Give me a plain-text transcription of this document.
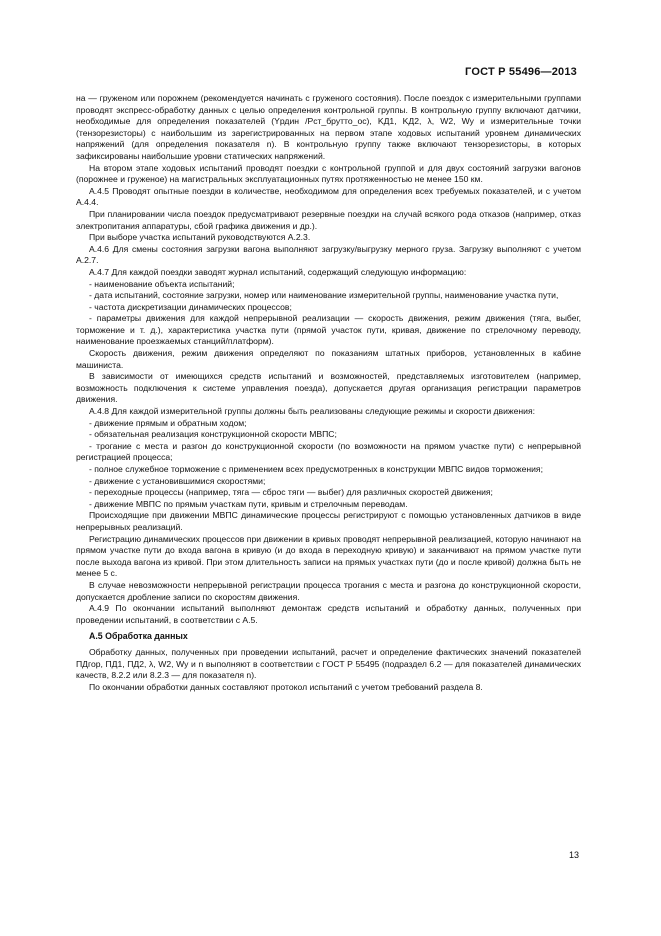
ГОСТ Р 55496—2013

на — груженом или порожнем (рекомендуется начинать с груженого состояния). После поездок с измерительными группами проводят экспресс-обработку данных с целью определения контрольной группы. В контрольную группу включают датчики, необходимые для определения показателей (Yрдин /Pст_брутто_ос), KД1, KД2, λ, W2, Wy и измерительные точки (тензорезисторы) с наибольшим из зарегистрированных на первом этапе ходовых испытаний уровнем динамических напряжений (для определения показателя n). В контрольную группу также включают тензорезисторы, в которых зафиксированы наибольшие уровни статических напряжений.

На втором этапе ходовых испытаний проводят поездки с контрольной группой и для двух состояний загрузки вагонов (порожнее и груженое) на магистральных эксплуатационных путях протяженностью не менее 150 км.

А.4.5 Проводят опытные поездки в количестве, необходимом для определения всех требуемых показателей, и с учетом А.4.4.

При планировании числа поездок предусматривают резервные поездки на случай всякого рода отказов (например, отказ электропитания аппаратуры, сбой графика движения и др.).

При выборе участка испытаний руководствуются А.2.3.

А.4.6 Для смены состояния загрузки вагона выполняют загрузку/выгрузку мерного груза. Загрузку выполняют с учетом А.2.7.

А.4.7 Для каждой поездки заводят журнал испытаний, содержащий следующую информацию:

- наименование объекта испытаний;

- дата испытаний, состояние загрузки, номер или наименование измерительной группы, наименование участка пути,

- частота дискретизации динамических процессов;

- параметры движения для каждой непрерывной реализации — скорость движения, режим движения (тяга, выбег, торможение и т. д.), характеристика участка пути (прямой участок пути, кривая, движение по стрелочному переводу, наименование проезжаемых станций/платформ).

Скорость движения, режим движения определяют по показаниям штатных приборов, установленных в кабине машиниста.

В зависимости от имеющихся средств испытаний и возможностей, представляемых изготовителем (например, возможность подключения к системе управления поезда), допускается другая организация регистрации параметров движения.

А.4.8 Для каждой измерительной группы должны быть реализованы следующие режимы и скорости движения:

- движение прямым и обратным ходом;

- обязательная реализация конструкционной скорости МВПС;

- трогание с места и разгон до конструкционной скорости (по возможности на прямом участке пути) с непрерывной регистрацией процесса;

- полное служебное торможение с применением всех предусмотренных в конструкции МВПС видов торможения;

- движение с установившимися скоростями;

- переходные процессы (например, тяга — сброс тяги — выбег) для различных скоростей движения;

- движение МВПС по прямым участкам пути, кривым и стрелочным переводам.

Происходящие при движении МВПС динамические процессы регистрируют с помощью установленных датчиков в виде непрерывных реализаций.

Регистрацию динамических процессов при движении в кривых проводят непрерывной реализацией, которую начинают на прямом участке пути до входа вагона в кривую (и до входа в переходную кривую) и заканчивают на прямом участке пути после выхода вагона из кривой. При этом длительность записи на прямых участках пути (до и после кривой) должна быть не менее 5 с.

В случае невозможности непрерывной регистрации процесса трогания с места и разгона до конструкционной скорости, допускается дробление записи по скоростям движения.

А.4.9 По окончании испытаний выполняют демонтаж средств испытаний и обработку данных, полученных при проведении испытаний, в соответствии с А.5.

А.5 Обработка данных

Обработку данных, полученных при проведении испытаний, расчет и определение фактических значений показателей ПДгор, ПД1, ПД2, λ, W2, Wy и n выполняют в соответствии с ГОСТ Р 55495 (подраздел 6.2 — для показателей динамических качеств, 8.2.2 или 8.2.3 — для показателя n).

По окончании обработки данных составляют протокол испытаний с учетом требований раздела 8.

13
